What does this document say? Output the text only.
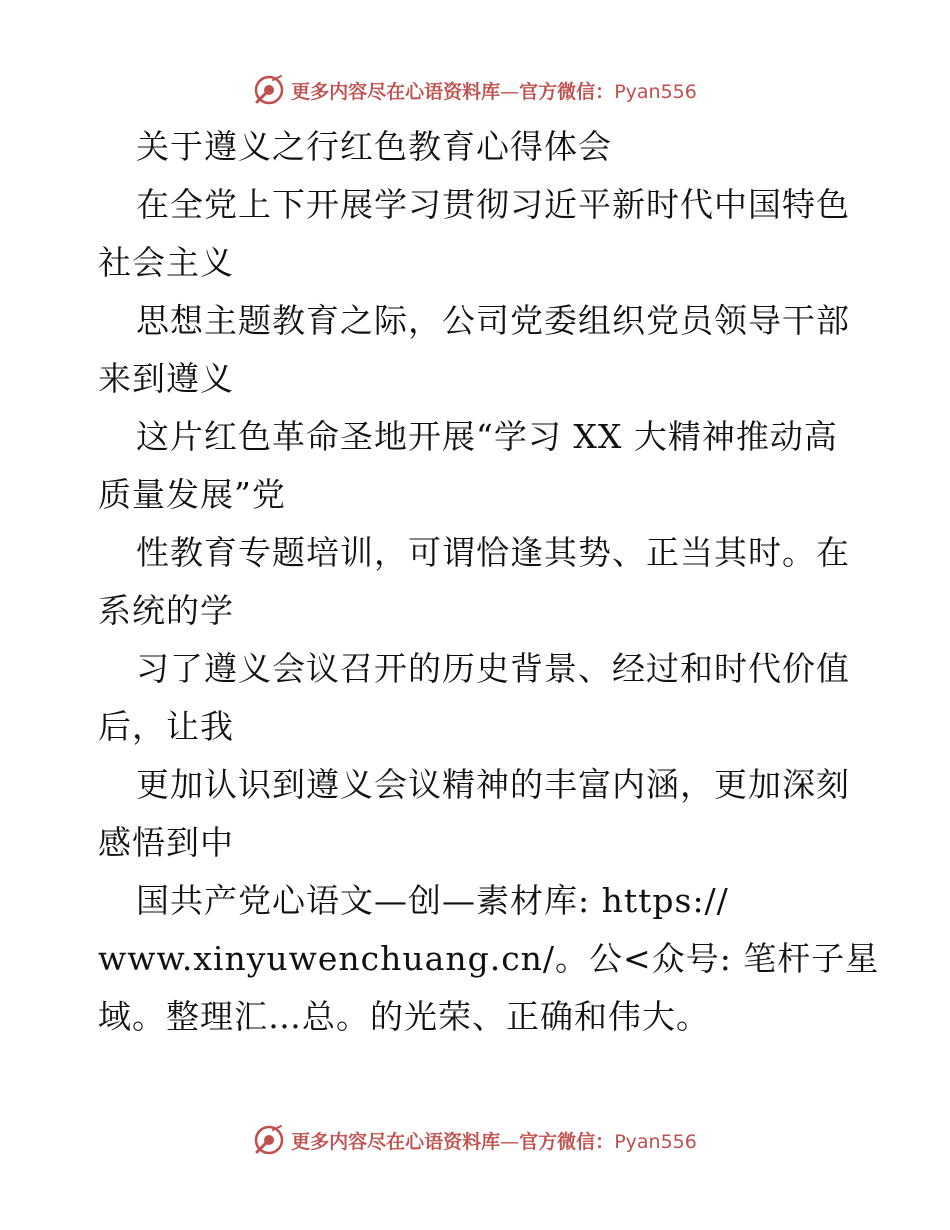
更多内容尽在心语资料库—官方微信：Pyan556
关于遵义之行红色教育心得体会
在全党上下开展学习贯彻习近平新时代中国特色
社会主义
思想主题教育之际，公司党委组织党员领导干部
来到遵义
这片红色革命圣地开展“学习 XX 大精神推动高
质量发展”党
性教育专题培训，可谓恰逢其势、正当其时。在
系统的学
习了遵义会议召开的历史背景、经过和时代价值
后，让我
更加认识到遵义会议精神的丰富内涵，更加深刻
感悟到中
国共产党心语文—创—素材库: https://
www.xinyuwenchuang.cn/。公<众号: 笔杆子星
域。整理汇…总。的光荣、正确和伟大。
更多内容尽在心语资料库—官方微信：Pyan556
